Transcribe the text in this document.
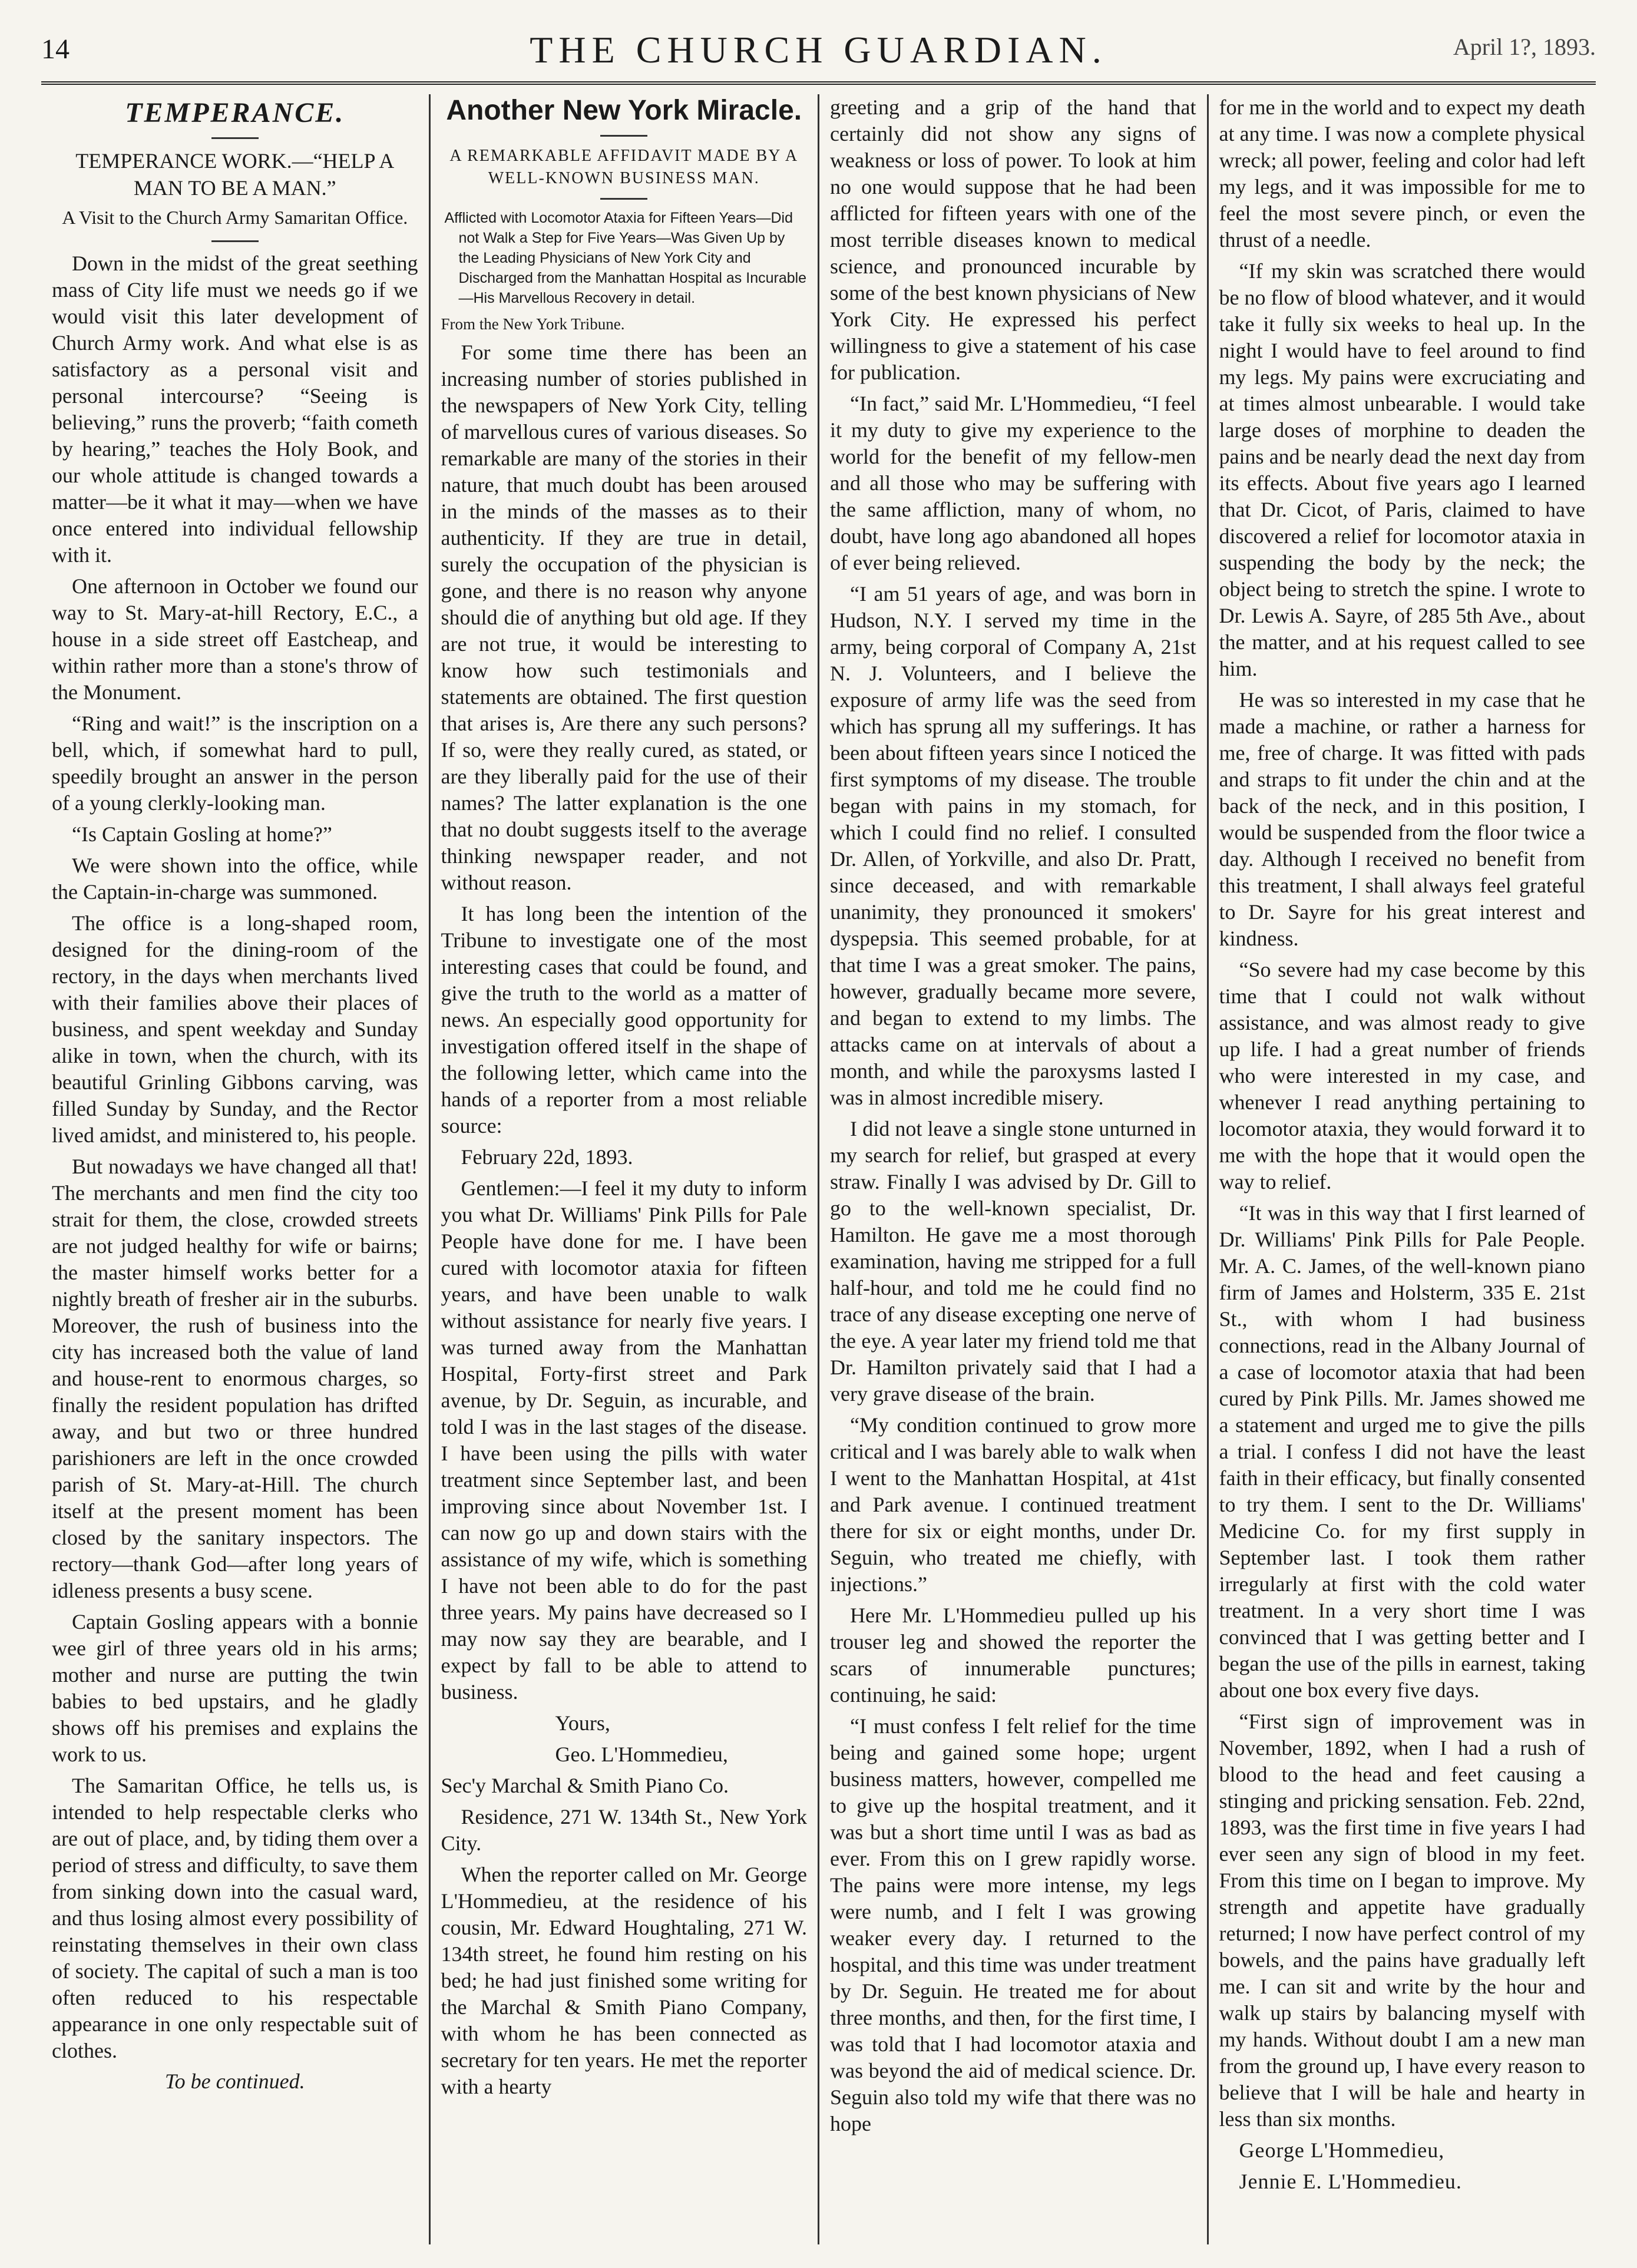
14	THE CHURCH GUARDIAN.	April 1?, 1893.
TEMPERANCE.
TEMPERANCE WORK.—“HELP A MAN TO BE A MAN.”
A Visit to the Church Army Samaritan Office.

Down in the midst of the great seething mass of City life must we needs go if we would visit this later development of Church Army work. And what else is as satisfactory as a personal visit and personal intercourse? “Seeing is believing,” runs the proverb; “faith cometh by hearing,” teaches the Holy Book, and our whole attitude is changed towards a matter—be it what it may—when we have once entered into individual fellowship with it.

One afternoon in October we found our way to St. Mary-at-hill Rectory, E.C., a house in a side street off Eastcheap, and within rather more than a stone's throw of the Monument.

“Ring and wait!” is the inscription on a bell, which, if somewhat hard to pull, speedily brought an answer in the person of a young clerkly-looking man.

“Is Captain Gosling at home?”

We were shown into the office, while the Captain-in-charge was summoned.

The office is a long-shaped room, designed for the dining-room of the rectory, in the days when merchants lived with their families above their places of business, and spent weekday and Sunday alike in town, when the church, with its beautiful Grinling Gibbons carving, was filled Sunday by Sunday, and the Rector lived amidst, and ministered to, his people.

But nowadays we have changed all that! The merchants and men find the city too strait for them, the close, crowded streets are not judged healthy for wife or bairns; the master himself works better for a nightly breath of fresher air in the suburbs. Moreover, the rush of business into the city has increased both the value of land and house-rent to enormous charges, so finally the resident population has drifted away, and but two or three hundred parishioners are left in the once crowded parish of St. Mary-at-Hill. The church itself at the present moment has been closed by the sanitary inspectors. The rectory—thank God—after long years of idleness presents a busy scene.

Captain Gosling appears with a bonnie wee girl of three years old in his arms; mother and nurse are putting the twin babies to bed upstairs, and he gladly shows off his premises and explains the work to us.

The Samaritan Office, he tells us, is intended to help respectable clerks who are out of place, and, by tiding them over a period of stress and difficulty, to save them from sinking down into the casual ward, and thus losing almost every possibility of reinstating themselves in their own class of society. The capital of such a man is too often reduced to his respectable appearance in one only respectable suit of clothes.

To be continued.
Another New York Miracle.
A REMARKABLE AFFIDAVIT MADE BY A WELL-KNOWN BUSINESS MAN.
Afflicted with Locomotor Ataxia for Fifteen Years—Did not Walk a Step for Five Years—Was Given Up by the Leading Physicians of New York City and Discharged from the Manhattan Hospital as Incurable—His Marvellous Recovery in detail.
From the New York Tribune.

For some time there has been an increasing number of stories published in the newspapers of New York City, telling of marvellous cures of various diseases. So remarkable are many of the stories in their nature, that much doubt has been aroused in the minds of the masses as to their authenticity. If they are true in detail, surely the occupation of the physician is gone, and there is no reason why anyone should die of anything but old age. If they are not true, it would be interesting to know how such testimonials and statements are obtained. The first question that arises is, Are there any such persons? If so, were they really cured, as stated, or are they liberally paid for the use of their names? The latter explanation is the one that no doubt suggests itself to the average thinking newspaper reader, and not without reason.

It has long been the intention of the Tribune to investigate one of the most interesting cases that could be found, and give the truth to the world as a matter of news. An especially good opportunity for investigation offered itself in the shape of the following letter, which came into the hands of a reporter from a most reliable source:

February 22d, 1893.

Gentlemen:—I feel it my duty to inform you what Dr. Williams' Pink Pills for Pale People have done for me. I have been cured with locomotor ataxia for fifteen years, and have been unable to walk without assistance for nearly five years. I was turned away from the Manhattan Hospital, Forty-first street and Park avenue, by Dr. Seguin, as incurable, and told I was in the last stages of the disease. I have been using the pills with water treatment since September last, and been improving since about November 1st. I can now go up and down stairs with the assistance of my wife, which is something I have not been able to do for the past three years. My pains have decreased so I may now say they are bearable, and I expect by fall to be able to attend to business.

Yours,

Geo. L'Hommedieu,

Sec'y Marchal & Smith Piano Co.

Residence, 271 W. 134th St., New York City.

When the reporter called on Mr. George L'Hommedieu, at the residence of his cousin, Mr. Edward Houghtaling, 271 W. 134th street, he found him resting on his bed; he had just finished some writing for the Marchal & Smith Piano Company, with whom he has been connected as secretary for ten years. He met the reporter with a hearty

greeting and a grip of the hand that certainly did not show any signs of weakness or loss of power. To look at him no one would suppose that he had been afflicted for fifteen years with one of the most terrible diseases known to medical science, and pronounced incurable by some of the best known physicians of New York City. He expressed his perfect willingness to give a statement of his case for publication.

“In fact,” said Mr. L'Hommedieu, “I feel it my duty to give my experience to the world for the benefit of my fellow-men and all those who may be suffering with the same affliction, many of whom, no doubt, have long ago abandoned all hopes of ever being relieved.

“I am 51 years of age, and was born in Hudson, N.Y. I served my time in the army, being corporal of Company A, 21st N. J. Volunteers, and I believe the exposure of army life was the seed from which has sprung all my sufferings. It has been about fifteen years since I noticed the first symptoms of my disease. The trouble began with pains in my stomach, for which I could find no relief. I consulted Dr. Allen, of Yorkville, and also Dr. Pratt, since deceased, and with remarkable unanimity, they pronounced it smokers' dyspepsia. This seemed probable, for at that time I was a great smoker. The pains, however, gradually became more severe, and began to extend to my limbs. The attacks came on at intervals of about a month, and while the paroxysms lasted I was in almost incredible misery.

I did not leave a single stone unturned in my search for relief, but grasped at every straw. Finally I was advised by Dr. Gill to go to the well-known specialist, Dr. Hamilton. He gave me a most thorough examination, having me stripped for a full half-hour, and told me he could find no trace of any disease excepting one nerve of the eye. A year later my friend told me that Dr. Hamilton privately said that I had a very grave disease of the brain.

“My condition continued to grow more critical and I was barely able to walk when I went to the Manhattan Hospital, at 41st and Park avenue. I continued treatment there for six or eight months, under Dr. Seguin, who treated me chiefly, with injections.”

Here Mr. L'Hommedieu pulled up his trouser leg and showed the reporter the scars of innumerable punctures; continuing, he said:

“I must confess I felt relief for the time being and gained some hope; urgent business matters, however, compelled me to give up the hospital treatment, and it was but a short time until I was as bad as ever. From this on I grew rapidly worse. The pains were more intense, my legs were numb, and I felt I was growing weaker every day. I returned to the hospital, and this time was under treatment by Dr. Seguin. He treated me for about three months, and then, for the first time, I was told that I had locomotor ataxia and was beyond the aid of medical science. Dr. Seguin also told my wife that there was no hope

for me in the world and to expect my death at any time. I was now a complete physical wreck; all power, feeling and color had left my legs, and it was impossible for me to feel the most severe pinch, or even the thrust of a needle.

“If my skin was scratched there would be no flow of blood whatever, and it would take it fully six weeks to heal up. In the night I would have to feel around to find my legs. My pains were excruciating and at times almost unbearable. I would take large doses of morphine to deaden the pains and be nearly dead the next day from its effects. About five years ago I learned that Dr. Cicot, of Paris, claimed to have discovered a relief for locomotor ataxia in suspending the body by the neck; the object being to stretch the spine. I wrote to Dr. Lewis A. Sayre, of 285 5th Ave., about the matter, and at his request called to see him.

He was so interested in my case that he made a machine, or rather a harness for me, free of charge. It was fitted with pads and straps to fit under the chin and at the back of the neck, and in this position, I would be suspended from the floor twice a day. Although I received no benefit from this treatment, I shall always feel grateful to Dr. Sayre for his great interest and kindness.

“So severe had my case become by this time that I could not walk without assistance, and was almost ready to give up life. I had a great number of friends who were interested in my case, and whenever I read anything pertaining to locomotor ataxia, they would forward it to me with the hope that it would open the way to relief.

“It was in this way that I first learned of Dr. Williams' Pink Pills for Pale People. Mr. A. C. James, of the well-known piano firm of James and Holsterm, 335 E. 21st St., with whom I had business connections, read in the Albany Journal of a case of locomotor ataxia that had been cured by Pink Pills. Mr. James showed me a statement and urged me to give the pills a trial. I confess I did not have the least faith in their efficacy, but finally consented to try them. I sent to the Dr. Williams' Medicine Co. for my first supply in September last. I took them rather irregularly at first with the cold water treatment. In a very short time I was convinced that I was getting better and I began the use of the pills in earnest, taking about one box every five days.

“First sign of improvement was in November, 1892, when I had a rush of blood to the head and feet causing a stinging and pricking sensation. Feb. 22nd, 1893, was the first time in five years I had ever seen any sign of blood in my feet. From this time on I began to improve. My strength and appetite have gradually returned; I now have perfect control of my bowels, and the pains have gradually left me. I can sit and write by the hour and walk up stairs by balancing myself with my hands. Without doubt I am a new man from the ground up, I have every reason to believe that I will be hale and hearty in less than six months.

George L'Hommedieu,

Jennie E. L'Hommedieu.
